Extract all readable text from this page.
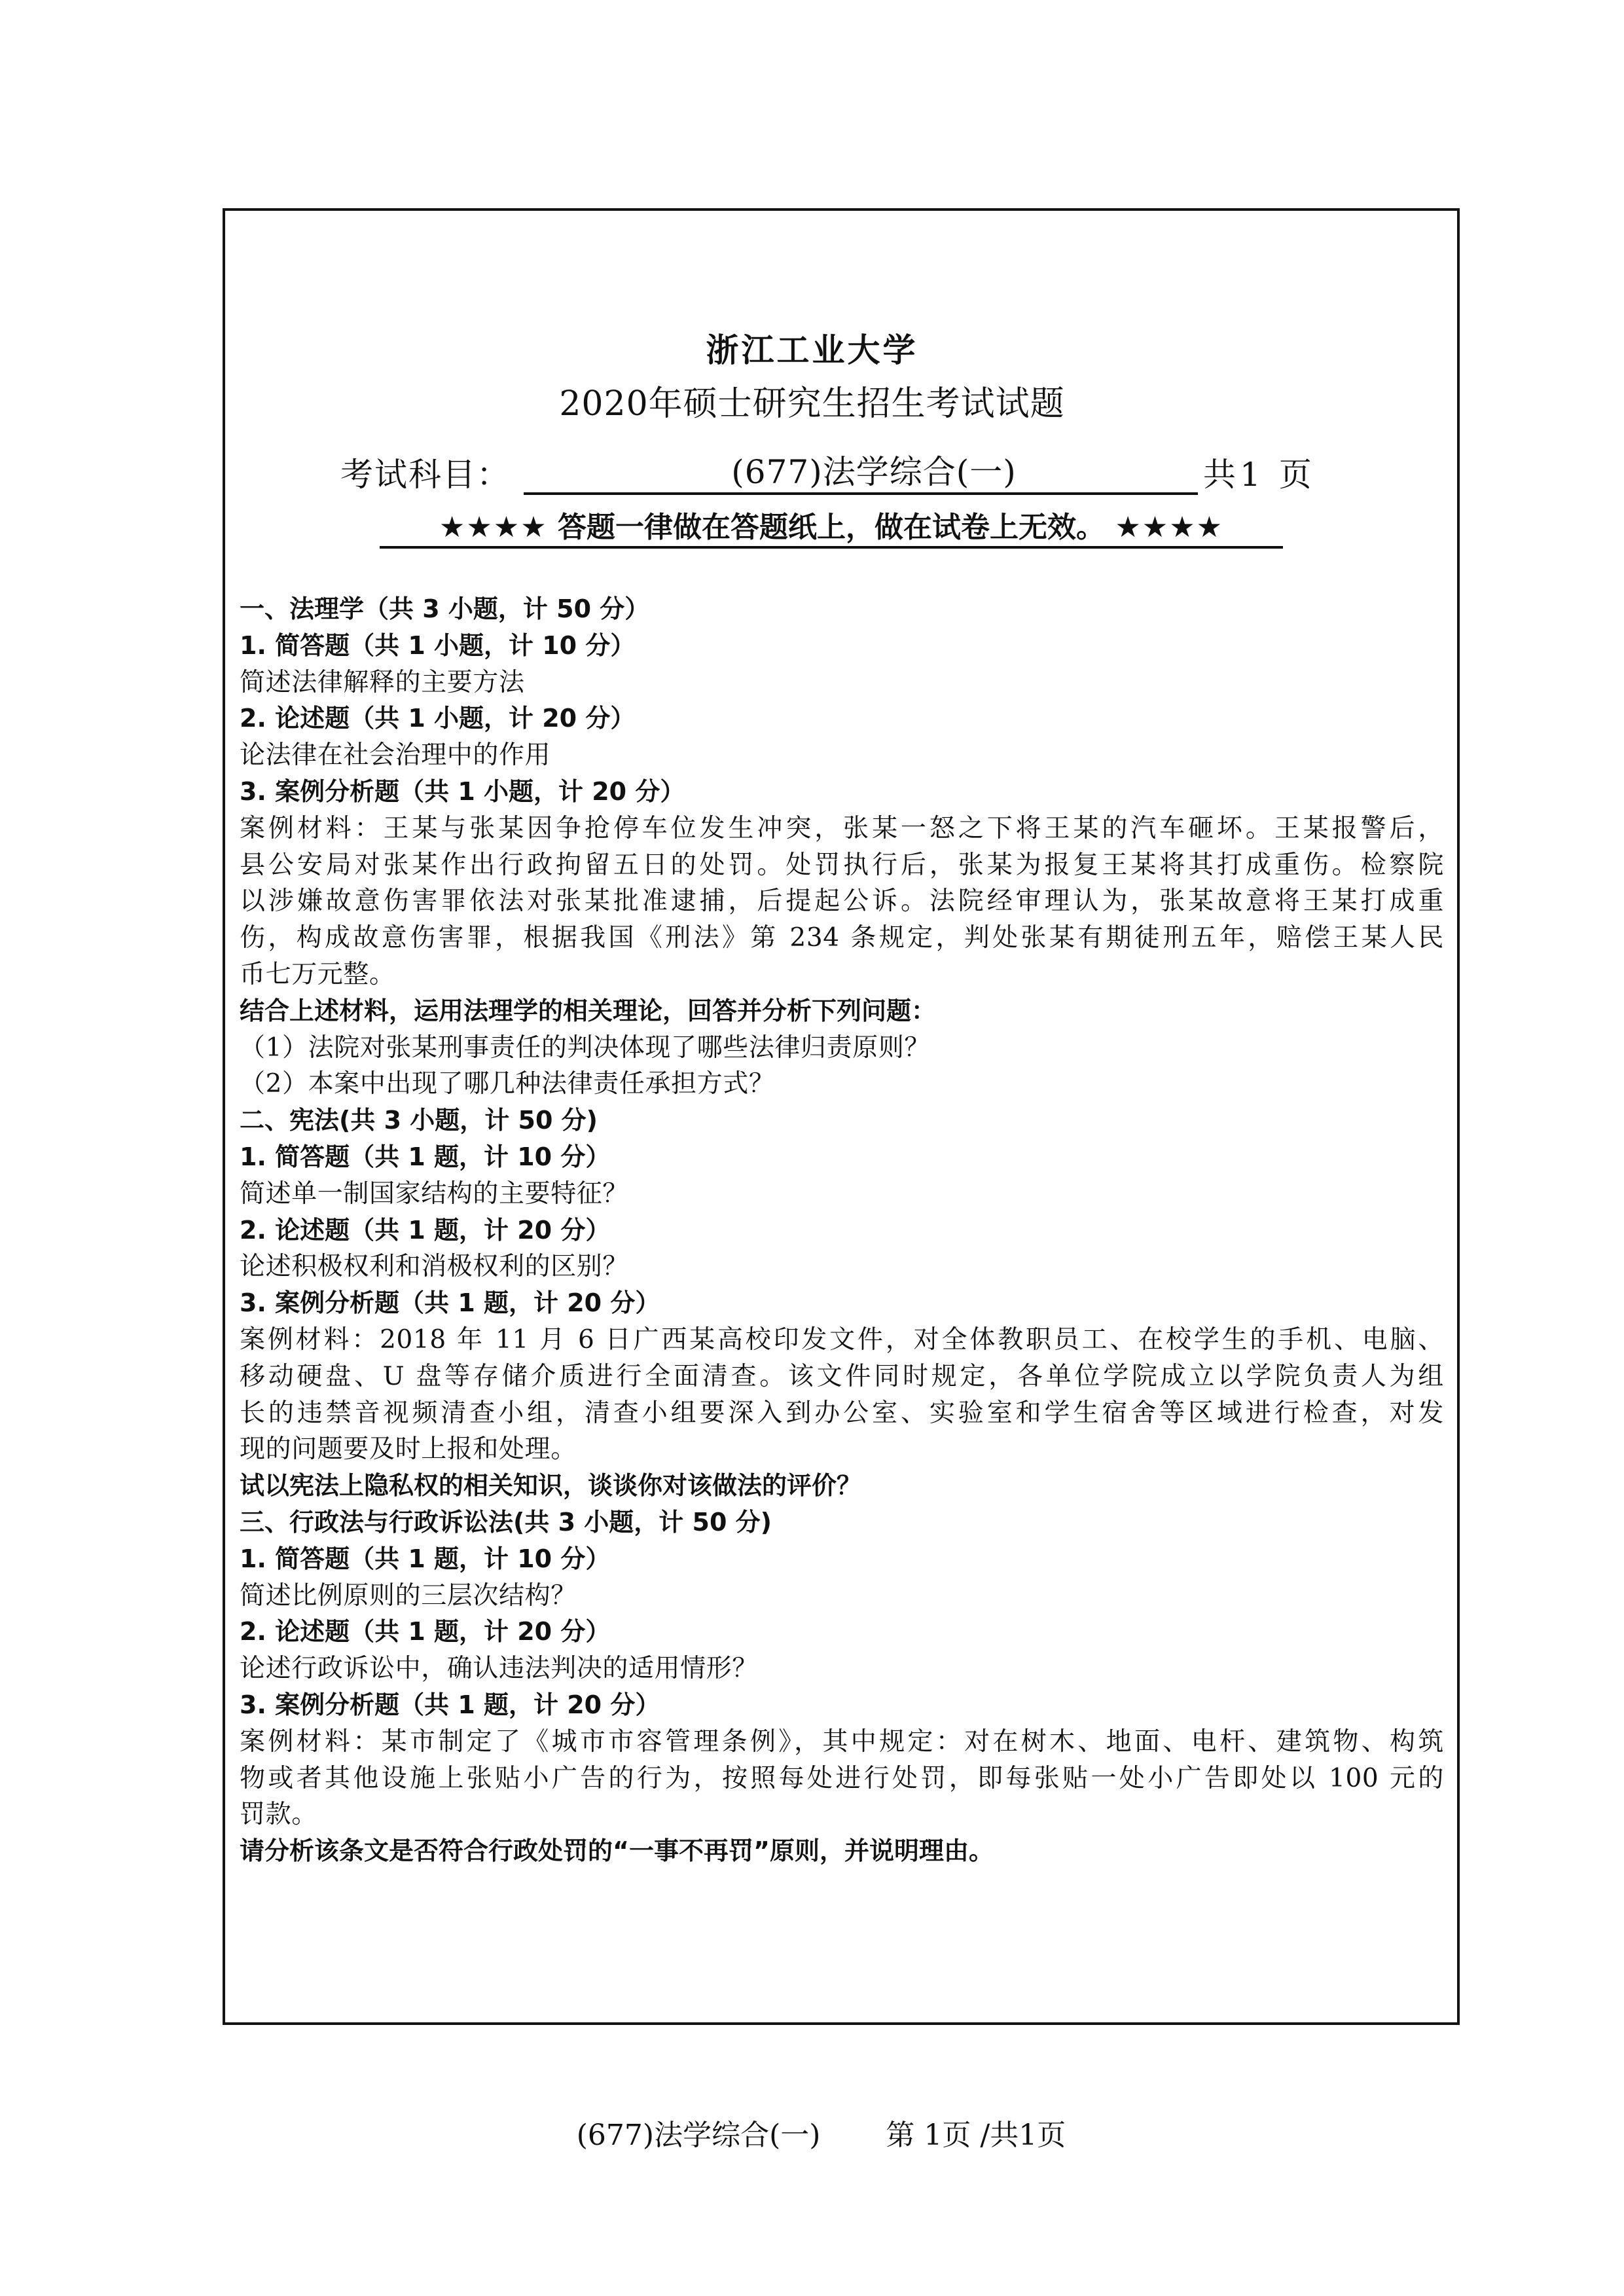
浙江工业大学
2020年硕士研究生招生考试试题
考试科目：	(677)法学综合(一)	共1 页
★★★★ 答题一律做在答题纸上，做在试卷上无效。 ★★★★
一、法理学（共 3 小题，计 50 分）
1. 简答题（共 1 小题，计 10 分）
简述法律解释的主要方法
2. 论述题（共 1 小题，计 20 分）
论法律在社会治理中的作用
3. 案例分析题（共 1 小题，计 20 分）
案例材料：王某与张某因争抢停车位发生冲突，张某一怒之下将王某的汽车砸坏。王某报警后，
县公安局对张某作出行政拘留五日的处罚。处罚执行后，张某为报复王某将其打成重伤。检察院
以涉嫌故意伤害罪依法对张某批准逮捕，后提起公诉。法院经审理认为，张某故意将王某打成重
伤，构成故意伤害罪，根据我国《刑法》第 234 条规定，判处张某有期徒刑五年，赔偿王某人民
币七万元整。
结合上述材料，运用法理学的相关理论，回答并分析下列问题：
（1）法院对张某刑事责任的判决体现了哪些法律归责原则？
（2）本案中出现了哪几种法律责任承担方式？
二、宪法(共 3 小题，计 50 分)
1. 简答题（共 1 题，计 10 分）
简述单一制国家结构的主要特征？
2. 论述题（共 1 题，计 20 分）
论述积极权利和消极权利的区别？
3. 案例分析题（共 1 题，计 20 分）
案例材料：2018 年 11 月 6 日广西某高校印发文件，对全体教职员工、在校学生的手机、电脑、
移动硬盘、U 盘等存储介质进行全面清查。该文件同时规定，各单位学院成立以学院负责人为组
长的违禁音视频清查小组，清查小组要深入到办公室、实验室和学生宿舍等区域进行检查，对发
现的问题要及时上报和处理。
试以宪法上隐私权的相关知识，谈谈你对该做法的评价？
三、行政法与行政诉讼法(共 3 小题，计 50 分)
1. 简答题（共 1 题，计 10 分）
简述比例原则的三层次结构？
2. 论述题（共 1 题，计 20 分）
论述行政诉讼中，确认违法判决的适用情形？
3. 案例分析题（共 1 题，计 20 分）
案例材料：某市制定了《城市市容管理条例》，其中规定：对在树木、地面、电杆、建筑物、构筑
物或者其他设施上张贴小广告的行为，按照每处进行处罚，即每张贴一处小广告即处以 100 元的
罚款。
请分析该条文是否符合行政处罚的“一事不再罚”原则，并说明理由。

(677)法学综合(一) 第 1页 /共1页
